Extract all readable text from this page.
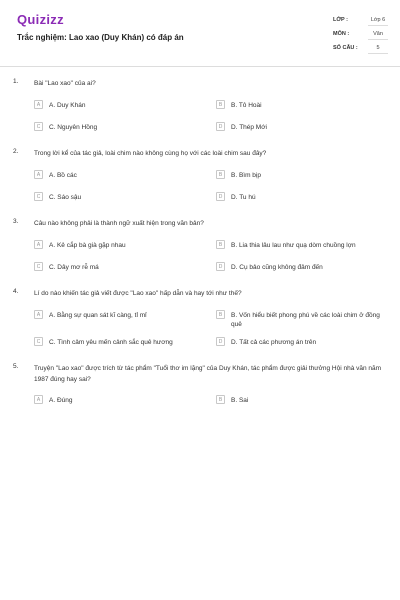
Quizizz
Trắc nghiệm: Lao xao (Duy Khán) có đáp án
LỚP :	Lớp 6
MÔN :	Văn
SỐ CÂU :	5
1. Bài "Lao xao" của ai?
A	A. Duy Khán	B	B. Tô Hoài
C	C. Nguyên Hồng	D	D. Thép Mới
2. Trong lời kể của tác giả, loài chim nào không cùng họ với các loài chim sau đây?
A	A. Bồ các	B	B. Bìm bịp
C	C. Sáo sậu	D	D. Tu hú
3. Câu nào không phải là thành ngữ xuất hiện trong văn bản?
A	A. Kẻ cắp bà già gặp nhau	B	B. Lia thia lâu lau như quạ dòm chuồng lợn
C	C. Dây mơ rễ má	D	D. Cụ bảo cũng không đâm đến
4. Lí do nào khiến tác giả viết được "Lao xao" hấp dẫn và hay tới như thế?
A	A. Bằng sự quan sát kĩ càng, tỉ mỉ	B	B. Vốn hiểu biết phong phú về các loài chim ở đồng quê
C	C. Tình cảm yêu mến cảnh sắc quê hương	D	D. Tất cả các phương án trên
5. Truyện "Lao xao" được trích từ tác phẩm "Tuổi thơ im lặng" của Duy Khán, tác phẩm được giải thưởng Hội nhà văn năm 1987 đúng hay sai?
A	A. Đúng	B	B. Sai
